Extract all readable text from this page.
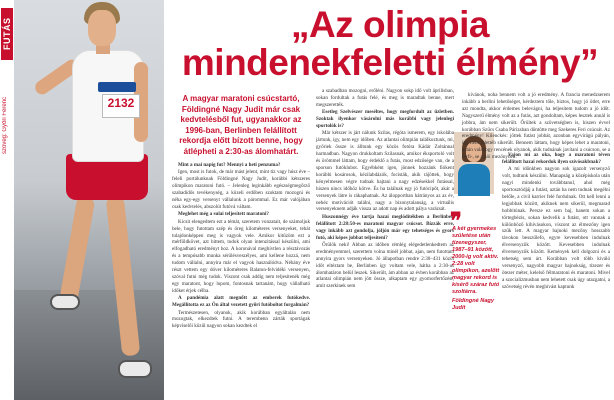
FUTÁS
szöveg: Győri Ferenc	2132
„Az olimpia mindenekfeletti élmény”
A magyar maratoni csúcstartó, Földingné Nagy Judit már csak kedvtelésből fut, ugyanakkor az 1996-ban, Berlinben felállított rekordja előtt bízott benne, hogy átlépheti a 2:30-as álomhatárt.

Mint a mai napig fut? Mennyi a heti penzuma?

Igen, most is futok, de már mást jelent, mint tíz vagy húsz éve – feleli portálunknak Földingné Nagy Judit, korábbi kétszeres olimpikon maratoni futó. – Jelenleg leginkább egészségmegőrző szabadidős tevékenység, a közeli erdőben szoktam mozogni és néha egy-egy versenyt vállalunk a párommal. Ez már valójában csak kedvtelés, abszolút futóvá váltam.

Meglehet még a sulai teljesített maratoni?

Kicsit elengedtem ezt a témát, szeretem vonzatait, de számoljuk bele, hogy futottam szép és öreg kilométeres versenyeket, tehát tulajdonképpen meg is vagyok vele. Amikor kitűzöm ezt a mérföldkövet, azt hittem, tudok olyan intenzitással készülni, ami elfogadható eredményt hoz. A koronával meghívtlen a résztávozás és a tempósabb munka sérülésveszélyes, ami kellene hozzá, nem tudom vállalni, annyira már el vagyok használódva. Néhány éve részt vettem egy dóver kilométeres Balaton-felvidéki versenyen, szóval futni még tudok. Viszont csak addig nem teljesítenék még egy maratont, hogy lopom, fontosnak tartanám, hogy vállalható időket érjek célba.

A pandémia alatt megnőtt az emberek futókedve. Megállította ez az Ön által vezetett győri futóboltot forgalmán?

Természetesen, olyanok, akik korábban egyáltalán nem mozogtak, elkezdtek futni. A terembenn zárták sportágak képviselői közül nagyon sokan kezdtek el

a szabadban mozogni, erőléni. Nagyon sokp idő volt áprilisban, sokan fordultak a futás felé, és meg is maradtak benne, mert megszerették.

Esetleg Szelvészer meséltes, hogy megfordult az üzletben. Szoktak ilyenkor vásárolni más korábbi vagy jelenlegi sportolók is?

Már kétszer is járt nálunk Szilas, régóta ismerem, egy iskolába jártunk, így, nem egy időben. Az atlantai olimpián találkoztunk, mi, győriek össze is álltunk egy közös fotóra Kádár Zoltánnal harmadban. Nagyon drukkoltam Szilasnak, amikor éksportoló volt és örömmel láttam, hogy érdeklő a futás, most edzősége van, de a sporson futóklubot. Egyébként igen, jönnek hozzánk fiókent korábbi kosárosok, kézilabdázók, focisták, akik rájöttek, hogy kényelmesen végre tudnak hajtani a nagy edzésekkel futással, hiszen nincs időhöz kötve. És ha találnak egy jó futócipőt, akár a versenyek látre is rákaphatnak. Az álopportban hátrányos az az év, nehéz motivációt találni, nagy a bizonytalanság, a virtuális versenyeknem adják vissza az adott nap és adott pálya varázsát.

Huszonnégy éve tartja hazai meglódítékben a Berlinben felállított 2:28:50-es maratoni magyar csúcsot. Bízzák erre, vagy inkább azt gondolja, jóljón már egy tehetséges és gyors futó, aki képes jobbat teljesíteni?

Őrülök neki! Abban az időben rémlég elégedetlenkedtem az eredményemmel, szerettem volna minél jobbat, ajan, nem futottam annyira gyors versenyeken. Jó állapotban rendre 2:30–431 közöt időt eltéztam be, Berlinben így voltam vele, hátha a 2:30-as álomhatáron belül leszek. Sikerült, ám abban az évben korábban az atlantai olimpián nem jött össze, alkaptam egy gyomorfertőzést, amit szerkinek sem

❞
A két gyermekes születése után tizenegyszer, 1987–91 között, 2000-ig volt aktív. 2:28 volt olimpikon, azelőtt magyar rekord is kísérő száraz futó szoltárra.
Földingné Nagy Judit

kívánok, noha bennem volt a jó eredmény. A francia menedzserem inkább a berlini lehetőséget, kérdeztem tőle, biztos, hogy jó ötlet, erre azt mondta, akkor érdemes belevágni, ha teljesítem tudom a jó időt. Nagyszerű élmény volt az a futás, azt gondoltam, képes lesztek annál is jobbra, ám nem sikerült. Őrültek a szövetségben is, hiszen évvel korábban Szűcs Csaba Párizsban döntötte meg Szekeres Feri csúcsát. Az eredmény! Kilenckés: jöttek futást jobbát, azonban egyvirágú pályán, így nem felettéb sikerült. Bennem láttam, hogy képes lehet a maratoni, aztán valahogy rencének olyanok, akik tudnának javítani a csúcson, se a férfi-, se a női mezőnyben.

Vajon mi az oka, hogy a maratoni téven felállított hazai rekordok ilyen szívósakbnak?

A mi időnkben nagyon sok igazolt versenyző volt, tudtunk készülni. Manapság a középiskola után nagyi mindenki továbbtanul, ahol még sportosztódjáj a futást, aztán ha nem tudnak megélni belőle, a civil karrier felé fordulnak. Ott kell lenni a legjobbak között, akiknek nem sikerül, megmarad hobbitúnak. Persze ez sem baj, hanem sokan a törtegbézis, sokan kedvelik a futást, ott vannak a különböző kihívásokon, viszont az élmezőny igen szűk lett. A magyar bajnoki mezőny hosszabb távokon besszűlefo, egyre kevesebben indulnak élversenyzők között. Kevesebben indulnak élversenyzők között. Kemények kell dolgozni és a tehetség sem árt. Korábban volt több kiváló versenyző, nagyobb magyar bajnokság, tízezer és ötezer méter, kelelső félmaratoni és maratoni. Mivel a szocializmusban nem lehetett csak úgy utazgatni, a szövetség révén meghívást kaptunk
